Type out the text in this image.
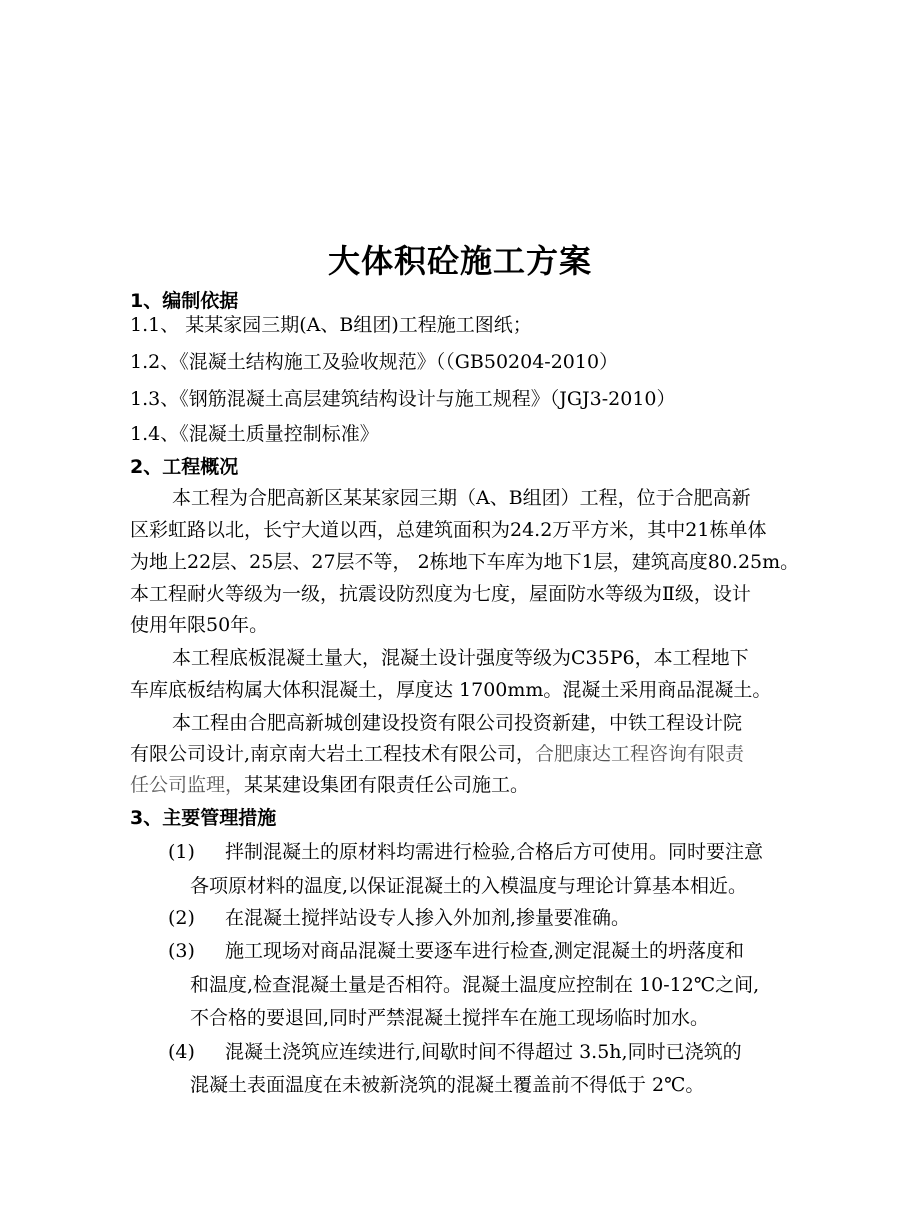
大体积砼施工方案
1、编制依据
1.1、 某某家园三期(A、B组团)工程施工图纸；
1.2、《混凝土结构施工及验收规范》（（GB50204-2010）
1.3、《钢筋混凝土高层建筑结构设计与施工规程》（JGJ3-2010）
1.4、《混凝土质量控制标准》
2、工程概况
本工程为合肥高新区某某家园三期（A、B组团）工程，位于合肥高新
区彩虹路以北，长宁大道以西，总建筑面积为24.2万平方米，其中21栋单体
为地上22层、25层、27层不等， 2栋地下车库为地下1层，建筑高度80.25m。
本工程耐火等级为一级，抗震设防烈度为七度，屋面防水等级为Ⅱ级，设计
使用年限50年。
本工程底板混凝土量大，混凝土设计强度等级为C35P6，本工程地下
车库底板结构属大体积混凝土，厚度达 1700mm。混凝土采用商品混凝土。
本工程由合肥高新城创建设投资有限公司投资新建，中铁工程设计院
有限公司设计,南京南大岩土工程技术有限公司，合肥康达工程咨询有限责
任公司监理，某某建设集团有限责任公司施工。
3、主要管理措施
(1) 拌制混凝土的原材料均需进行检验,合格后方可使用。同时要注意
各项原材料的温度,以保证混凝土的入模温度与理论计算基本相近。
(2) 在混凝土搅拌站设专人掺入外加剂,掺量要准确。
(3) 施工现场对商品混凝土要逐车进行检查,测定混凝土的坍落度和
和温度,检查混凝土量是否相符。混凝土温度应控制在 10-12℃之间,
不合格的要退回,同时严禁混凝土搅拌车在施工现场临时加水。
(4) 混凝土浇筑应连续进行,间歇时间不得超过 3.5h,同时已浇筑的
混凝土表面温度在未被新浇筑的混凝土覆盖前不得低于 2℃。
